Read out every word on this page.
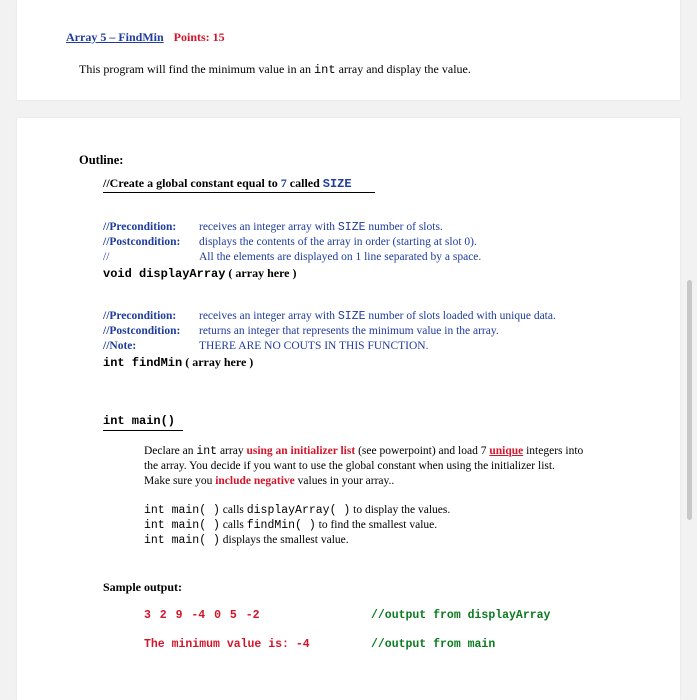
Array 5 – FindMin Points: 15
This program will find the minimum value in an int array and display the value.
Outline:
//Create a global constant equal to 7 called SIZE
//Precondition: receives an integer array with SIZE number of slots.
//Postcondition: displays the contents of the array in order (starting at slot 0).
//	All the elements are displayed on 1 line separated by a space.
void displayArray ( array here )
//Precondition: receives an integer array with SIZE number of slots loaded with unique data.
//Postcondition: returns an integer that represents the minimum value in the array.
//Note:	THERE ARE NO COUTS IN THIS FUNCTION.
int findMin ( array here )
int main()
Declare an int array using an initializer list (see powerpoint) and load 7 unique integers into
the array. You decide if you want to use the global constant when using the initializer list.
Make sure you include negative values in your array..
int main( ) calls displayArray( ) to display the values.
int main( ) calls findMin( ) to find the smallest value.
int main( ) displays the smallest value.
Sample output:
3 2 9 -4 0 5 -2	//output from displayArray
The minimum value is: -4	//output from main
